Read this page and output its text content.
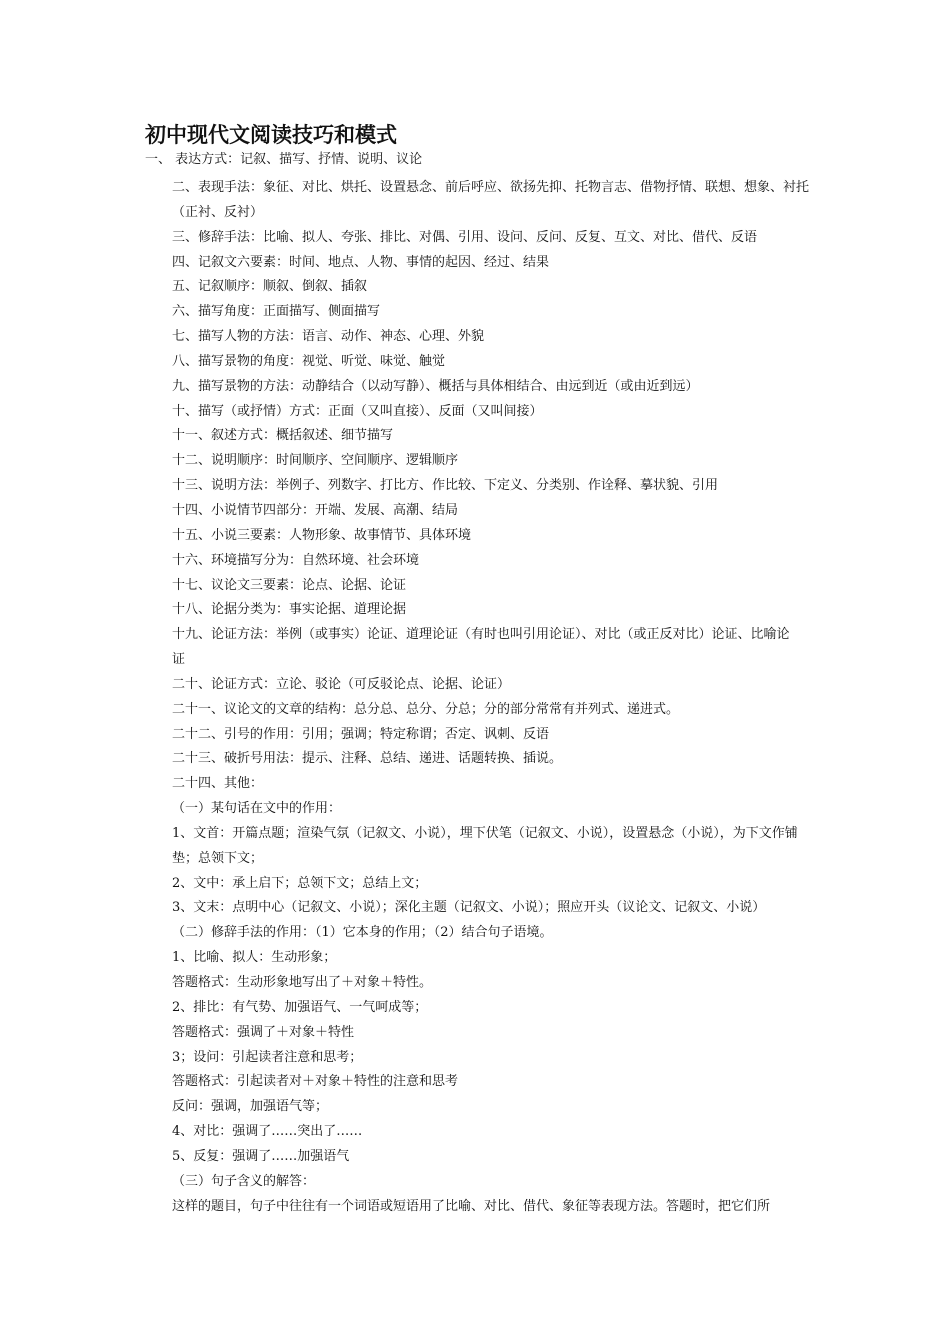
初中现代文阅读技巧和模式
一、 表达方式：记叙、描写、抒情、说明、议论
二、表现手法：象征、对比、烘托、设置悬念、前后呼应、欲扬先抑、托物言志、借物抒情、联想、想象、衬托
（正衬、反衬）
三、修辞手法：比喻、拟人、夸张、排比、对偶、引用、设问、反问、反复、互文、对比、借代、反语
四、记叙文六要素：时间、地点、人物、事情的起因、经过、结果
五、记叙顺序：顺叙、倒叙、插叙
六、描写角度：正面描写、侧面描写
七、描写人物的方法：语言、动作、神态、心理、外貌
八、描写景物的角度：视觉、听觉、味觉、触觉
九、描写景物的方法：动静结合（以动写静）、概括与具体相结合、由远到近（或由近到远）
十、描写（或抒情）方式：正面（又叫直接）、反面（又叫间接）
十一、叙述方式：概括叙述、细节描写
十二、说明顺序：时间顺序、空间顺序、逻辑顺序
十三、说明方法：举例子、列数字、打比方、作比较、下定义、分类别、作诠释、摹状貌、引用
十四、小说情节四部分：开端、发展、高潮、结局
十五、小说三要素：人物形象、故事情节、具体环境
十六、环境描写分为：自然环境、社会环境
十七、议论文三要素：论点、论据、论证
十八、论据分类为：事实论据、道理论据
十九、论证方法：举例（或事实）论证、道理论证（有时也叫引用论证）、对比（或正反对比）论证、比喻论
证
二十、论证方式：立论、驳论（可反驳论点、论据、论证）
二十一、议论文的文章的结构：总分总、总分、分总；分的部分常常有并列式、递进式。
二十二、引号的作用：引用；强调；特定称谓；否定、讽刺、反语
二十三、破折号用法：提示、注释、总结、递进、话题转换、插说。
二十四、其他：
（一）某句话在文中的作用：
1、文首：开篇点题；渲染气氛（记叙文、小说），埋下伏笔（记叙文、小说），设置悬念（小说），为下文作铺
垫；总领下文；
2、文中：承上启下；总领下文；总结上文；
3、文末：点明中心（记叙文、小说）；深化主题（记叙文、小说）；照应开头（议论文、记叙文、小说）
（二）修辞手法的作用：（1）它本身的作用；（2）结合句子语境。
1、比喻、拟人：生动形象；
答题格式：生动形象地写出了＋对象＋特性。
2、排比：有气势、加强语气、一气呵成等；
答题格式：强调了＋对象＋特性
3；设问：引起读者注意和思考；
答题格式：引起读者对＋对象＋特性的注意和思考
反问：强调，加强语气等；
4、对比：强调了……突出了……
5、反复：强调了……加强语气
（三）句子含义的解答：
这样的题目，句子中往往有一个词语或短语用了比喻、对比、借代、象征等表现方法。答题时，把它们所
